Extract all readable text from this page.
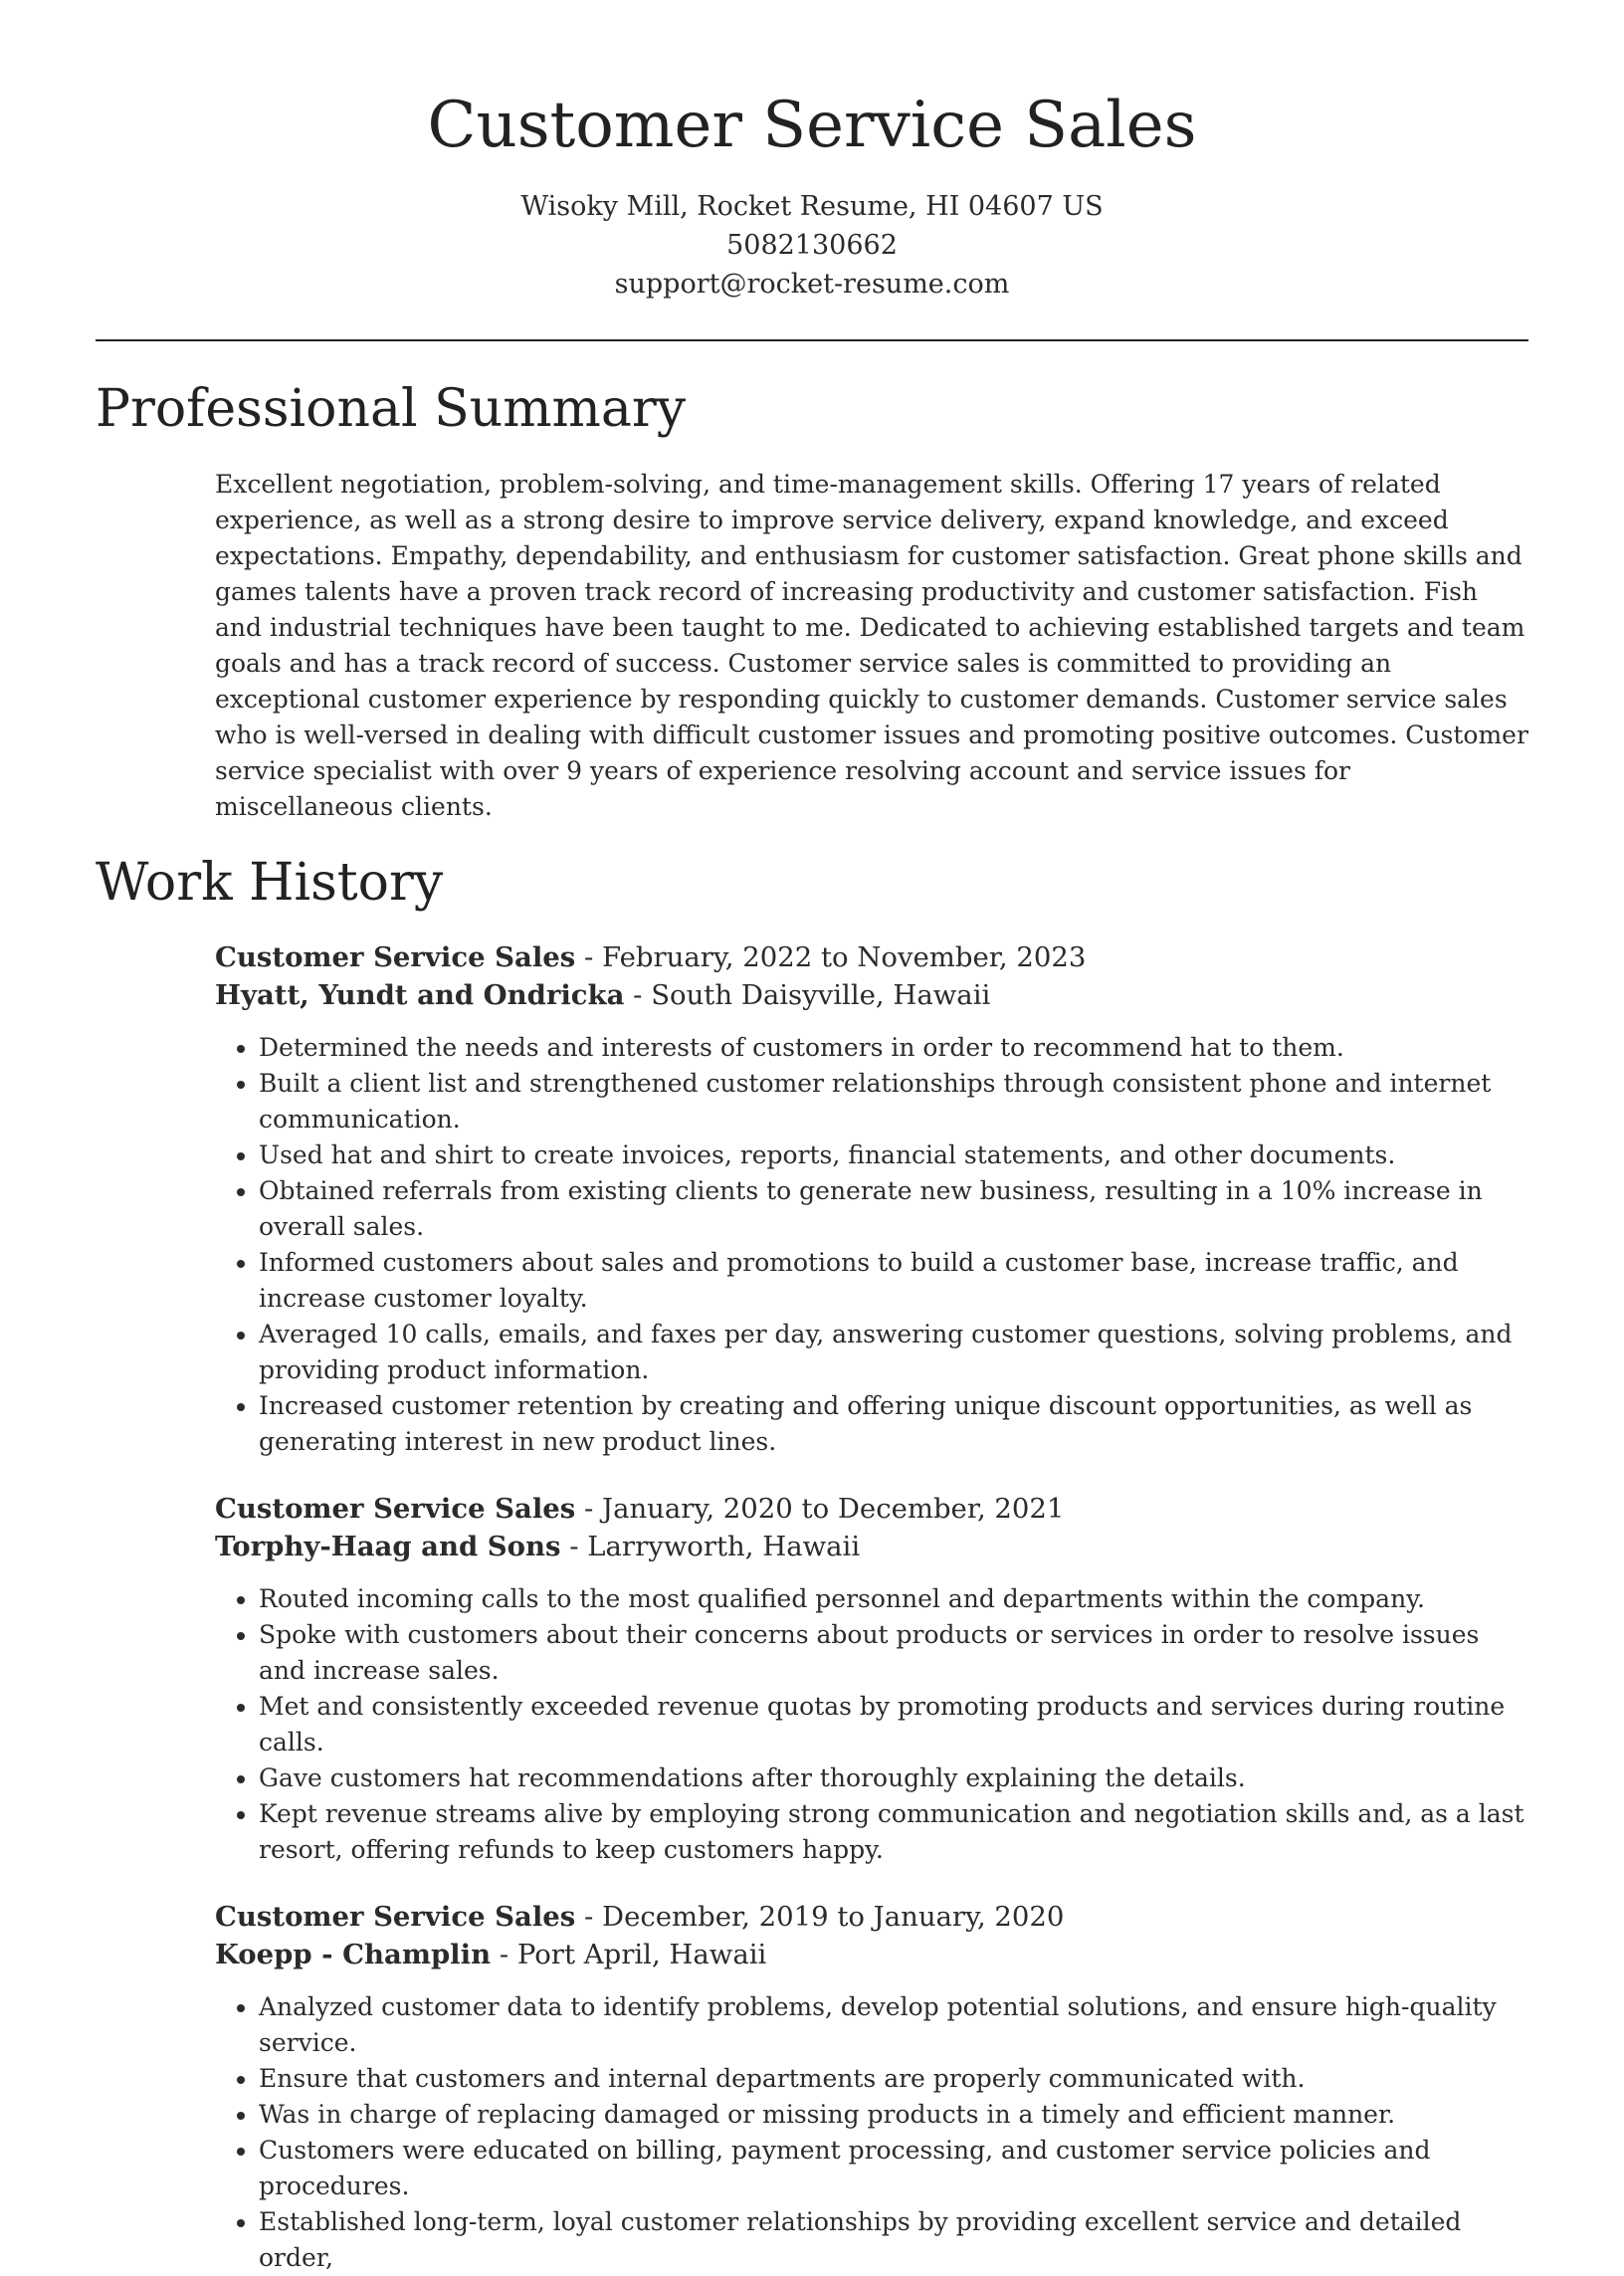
Customer Service Sales

Wisoky Mill, Rocket Resume, HI 04607 US

5082130662

support@rocket-resume.com

Professional Summary

Excellent negotiation, problem-solving, and time-management skills. Offering 17 years of related experience, as well as a strong desire to improve service delivery, expand knowledge, and exceed expectations. Empathy, dependability, and enthusiasm for customer satisfaction. Great phone skills and games talents have a proven track record of increasing productivity and customer satisfaction. Fish and industrial techniques have been taught to me. Dedicated to achieving established targets and team goals and has a track record of success. Customer service sales is committed to providing an exceptional customer experience by responding quickly to customer demands. Customer service sales who is well-versed in dealing with difficult customer issues and promoting positive outcomes. Customer service specialist with over 9 years of experience resolving account and service issues for miscellaneous clients.

Work History

Customer Service Sales - February, 2022 to November, 2023

Hyatt, Yundt and Ondricka - South Daisyville, Hawaii

• Determined the needs and interests of customers in order to recommend hat to them.
• Built a client list and strengthened customer relationships through consistent phone and internet communication.
• Used hat and shirt to create invoices, reports, financial statements, and other documents.
• Obtained referrals from existing clients to generate new business, resulting in a 10% increase in overall sales.
• Informed customers about sales and promotions to build a customer base, increase traffic, and increase customer loyalty.
• Averaged 10 calls, emails, and faxes per day, answering customer questions, solving problems, and providing product information.
• Increased customer retention by creating and offering unique discount opportunities, as well as generating interest in new product lines.

Customer Service Sales - January, 2020 to December, 2021

Torphy-Haag and Sons - Larryworth, Hawaii

• Routed incoming calls to the most qualified personnel and departments within the company.
• Spoke with customers about their concerns about products or services in order to resolve issues and increase sales.
• Met and consistently exceeded revenue quotas by promoting products and services during routine calls.
• Gave customers hat recommendations after thoroughly explaining the details.
• Kept revenue streams alive by employing strong communication and negotiation skills and, as a last resort, offering refunds to keep customers happy.

Customer Service Sales - December, 2019 to January, 2020

Koepp - Champlin - Port April, Hawaii

• Analyzed customer data to identify problems, develop potential solutions, and ensure high-quality service.
• Ensure that customers and internal departments are properly communicated with.
• Was in charge of replacing damaged or missing products in a timely and efficient manner.
• Customers were educated on billing, payment processing, and customer service policies and procedures.
• Established long-term, loyal customer relationships by providing excellent service and detailed order,
